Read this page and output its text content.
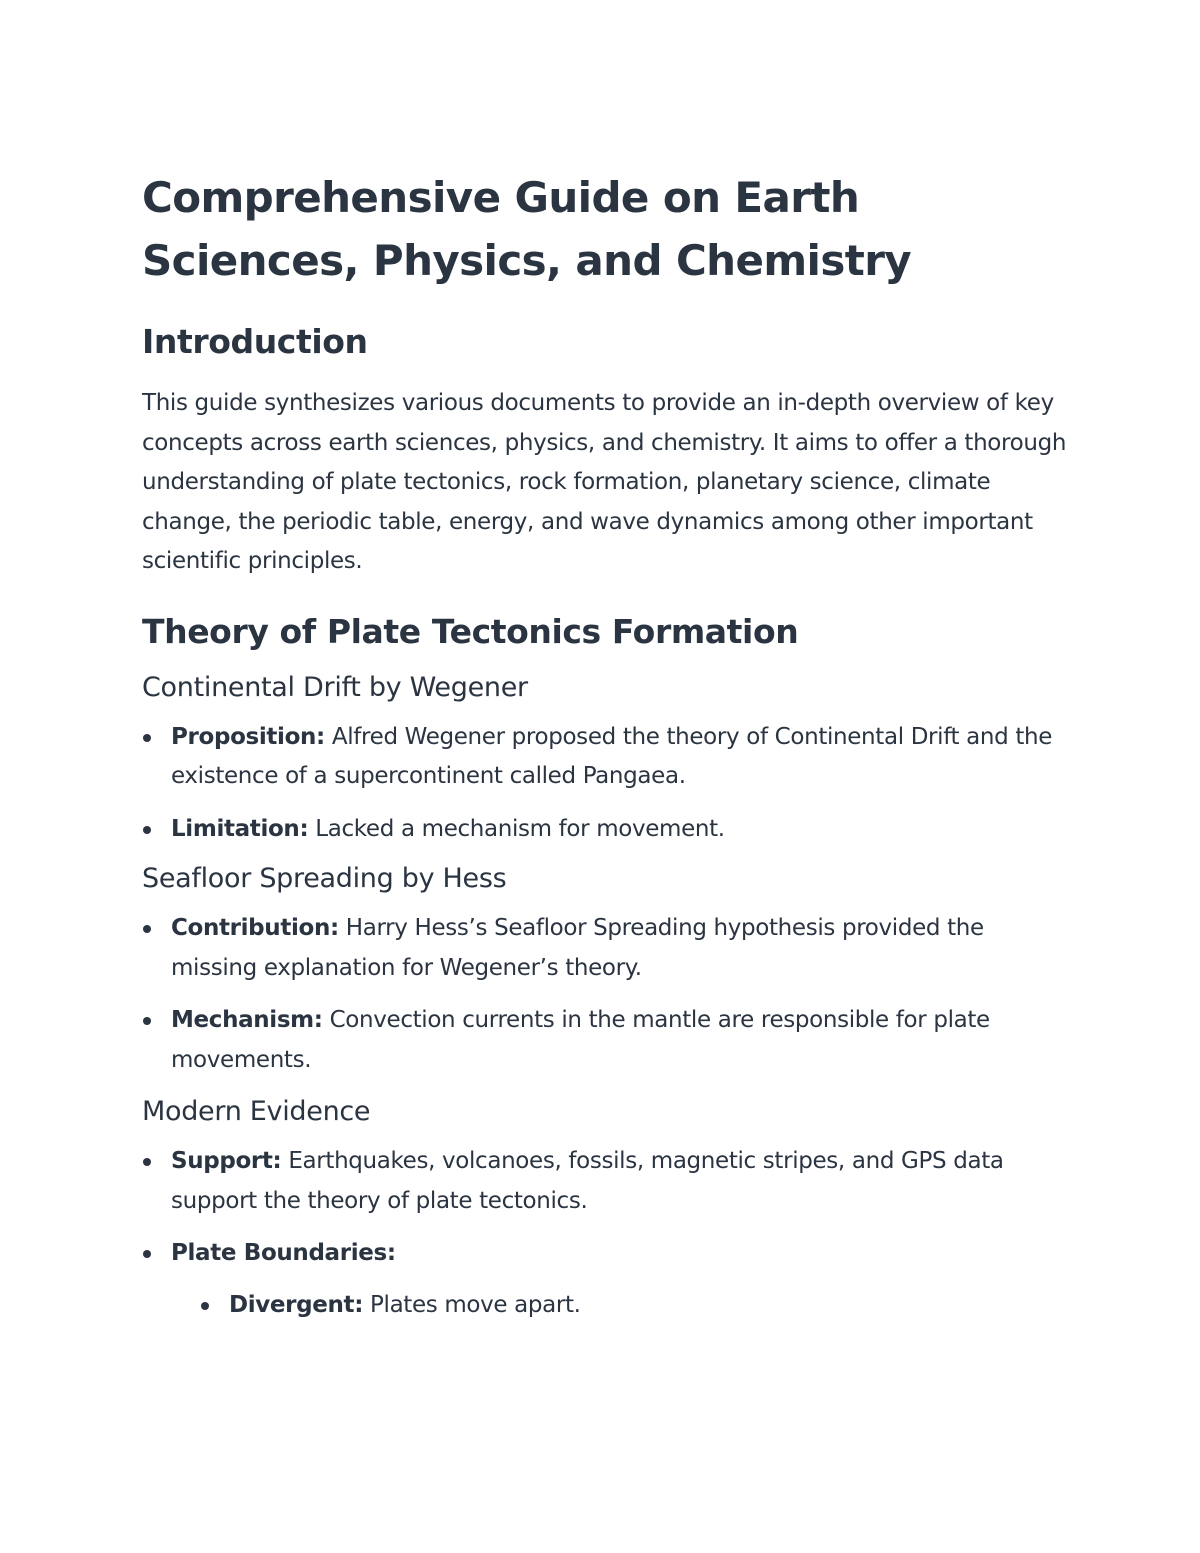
Comprehensive Guide on Earth Sciences, Physics, and Chemistry
Introduction

This guide synthesizes various documents to provide an in-depth overview of key concepts across earth sciences, physics, and chemistry. It aims to offer a thorough understanding of plate tectonics, rock formation, planetary science, climate change, the periodic table, energy, and wave dynamics among other important scientific principles.

Theory of Plate Tectonics Formation
Continental Drift by Wegener
Proposition: Alfred Wegener proposed the theory of Continental Drift and the existence of a supercontinent called Pangaea.
Limitation: Lacked a mechanism for movement.
Seafloor Spreading by Hess
Contribution: Harry Hess’s Seafloor Spreading hypothesis provided the missing explanation for Wegener’s theory.
Mechanism: Convection currents in the mantle are responsible for plate movements.
Modern Evidence
Support: Earthquakes, volcanoes, fossils, magnetic stripes, and GPS data support the theory of plate tectonics.
Plate Boundaries:
Divergent: Plates move apart.
